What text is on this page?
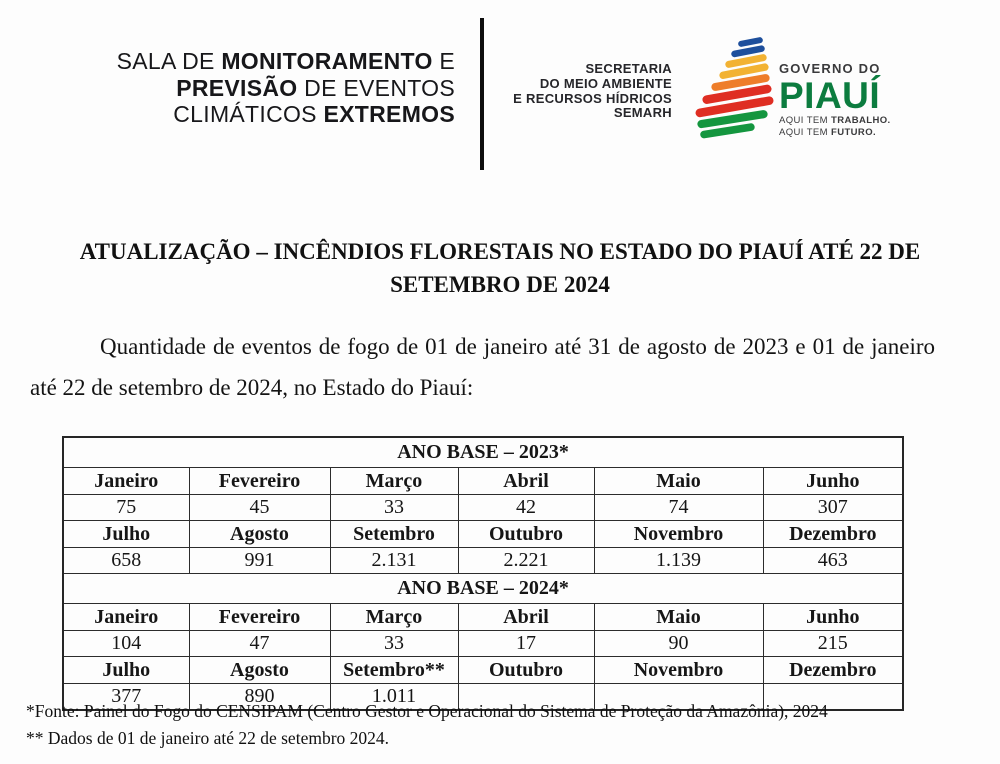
SALA DE MONITORAMENTO E
PREVISÃO DE EVENTOS
CLIMÁTICOS EXTREMOS
SECRETARIA
DO MEIO AMBIENTE
E RECURSOS HÍDRICOS
SEMARH
GOVERNO DO
PIAUÍ
AQUI TEM TRABALHO.
AQUI TEM FUTURO.
ATUALIZAÇÃO – INCÊNDIOS FLORESTAIS NO ESTADO DO PIAUÍ ATÉ 22 DE
SETEMBRO DE 2024

Quantidade de eventos de fogo de 01 de janeiro até 31 de agosto de 2023 e 01 de janeiro até 22 de setembro de 2024, no Estado do Piauí:

ANO BASE – 2023*					
Janeiro	Fevereiro	Março	Abril	Maio	Junho
75	45	33	42	74	307
Julho	Agosto	Setembro	Outubro	Novembro	Dezembro
658	991	2.131	2.221	1.139	463
ANO BASE – 2024*					
Janeiro	Fevereiro	Março	Abril	Maio	Junho
104	47	33	17	90	215
Julho	Agosto	Setembro**	Outubro	Novembro	Dezembro
377	890	1.011			
*Fonte: Painel do Fogo do CENSIPAM (Centro Gestor e Operacional do Sistema de Proteção da Amazônia), 2024
** Dados de 01 de janeiro até 22 de setembro 2024.
